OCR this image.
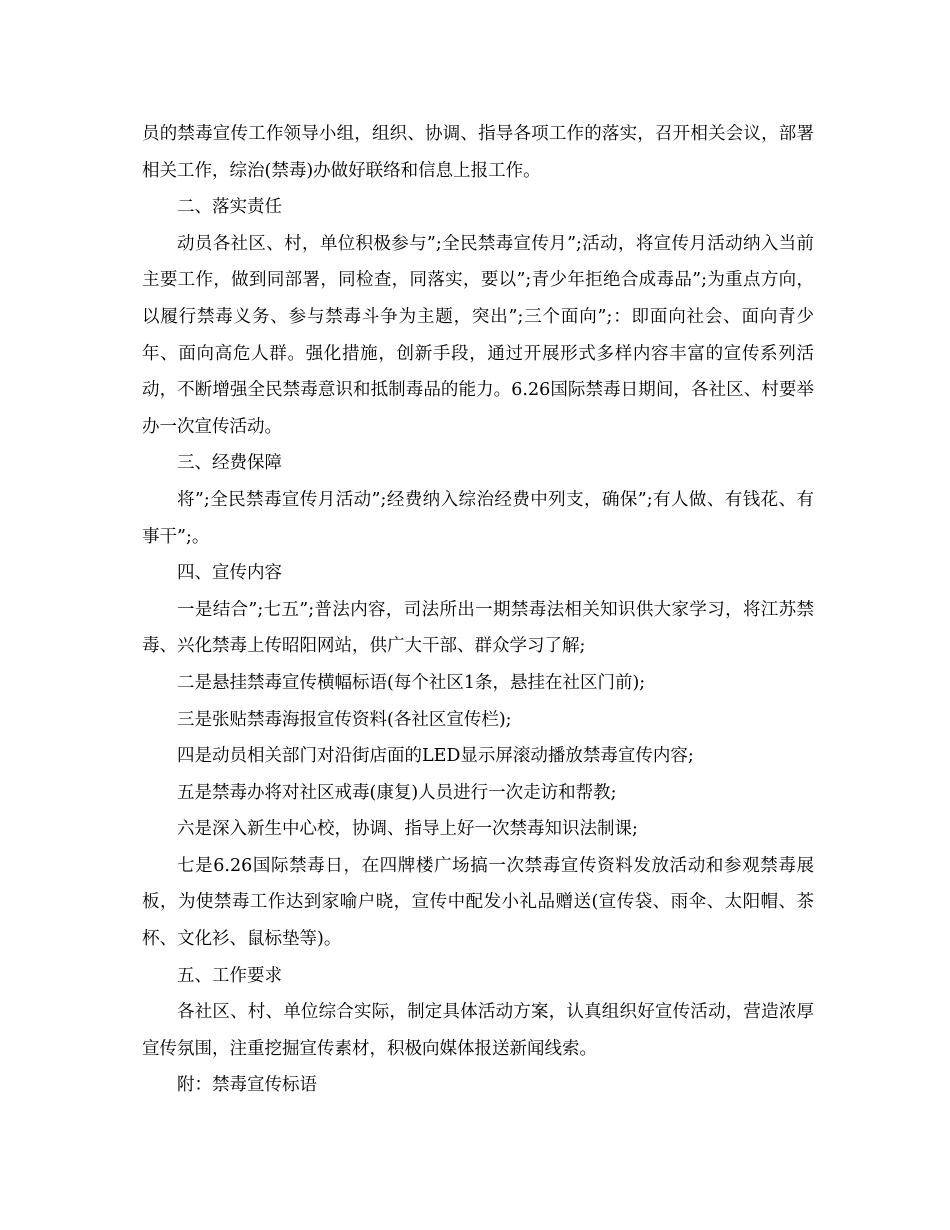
员的禁毒宣传工作领导小组，组织、协调、指导各项工作的落实，召开相关会议，部署相关工作，综治(禁毒)办做好联络和信息上报工作。

二、落实责任

动员各社区、村，单位积极参与”;全民禁毒宣传月”;活动，将宣传月活动纳入当前主要工作，做到同部署，同检查，同落实，要以”;青少年拒绝合成毒品”;为重点方向，以履行禁毒义务、参与禁毒斗争为主题，突出”;三个面向”;：即面向社会、面向青少年、面向高危人群。强化措施，创新手段，通过开展形式多样内容丰富的宣传系列活动，不断增强全民禁毒意识和抵制毒品的能力。6.26国际禁毒日期间，各社区、村要举办一次宣传活动。

三、经费保障

将”;全民禁毒宣传月活动”;经费纳入综治经费中列支，确保”;有人做、有钱花、有事干”;。

四、宣传内容

一是结合”;七五”;普法内容，司法所出一期禁毒法相关知识供大家学习，将江苏禁毒、兴化禁毒上传昭阳网站，供广大干部、群众学习了解;

二是悬挂禁毒宣传横幅标语(每个社区1条，悬挂在社区门前);

三是张贴禁毒海报宣传资料(各社区宣传栏);

四是动员相关部门对沿街店面的LED显示屏滚动播放禁毒宣传内容;

五是禁毒办将对社区戒毒(康复)人员进行一次走访和帮教;

六是深入新生中心校，协调、指导上好一次禁毒知识法制课;

七是6.26国际禁毒日，在四牌楼广场搞一次禁毒宣传资料发放活动和参观禁毒展板，为使禁毒工作达到家喻户晓，宣传中配发小礼品赠送(宣传袋、雨伞、太阳帽、茶杯、文化衫、鼠标垫等)。

五、工作要求

各社区、村、单位综合实际，制定具体活动方案，认真组织好宣传活动，营造浓厚宣传氛围，注重挖掘宣传素材，积极向媒体报送新闻线索。

附：禁毒宣传标语
